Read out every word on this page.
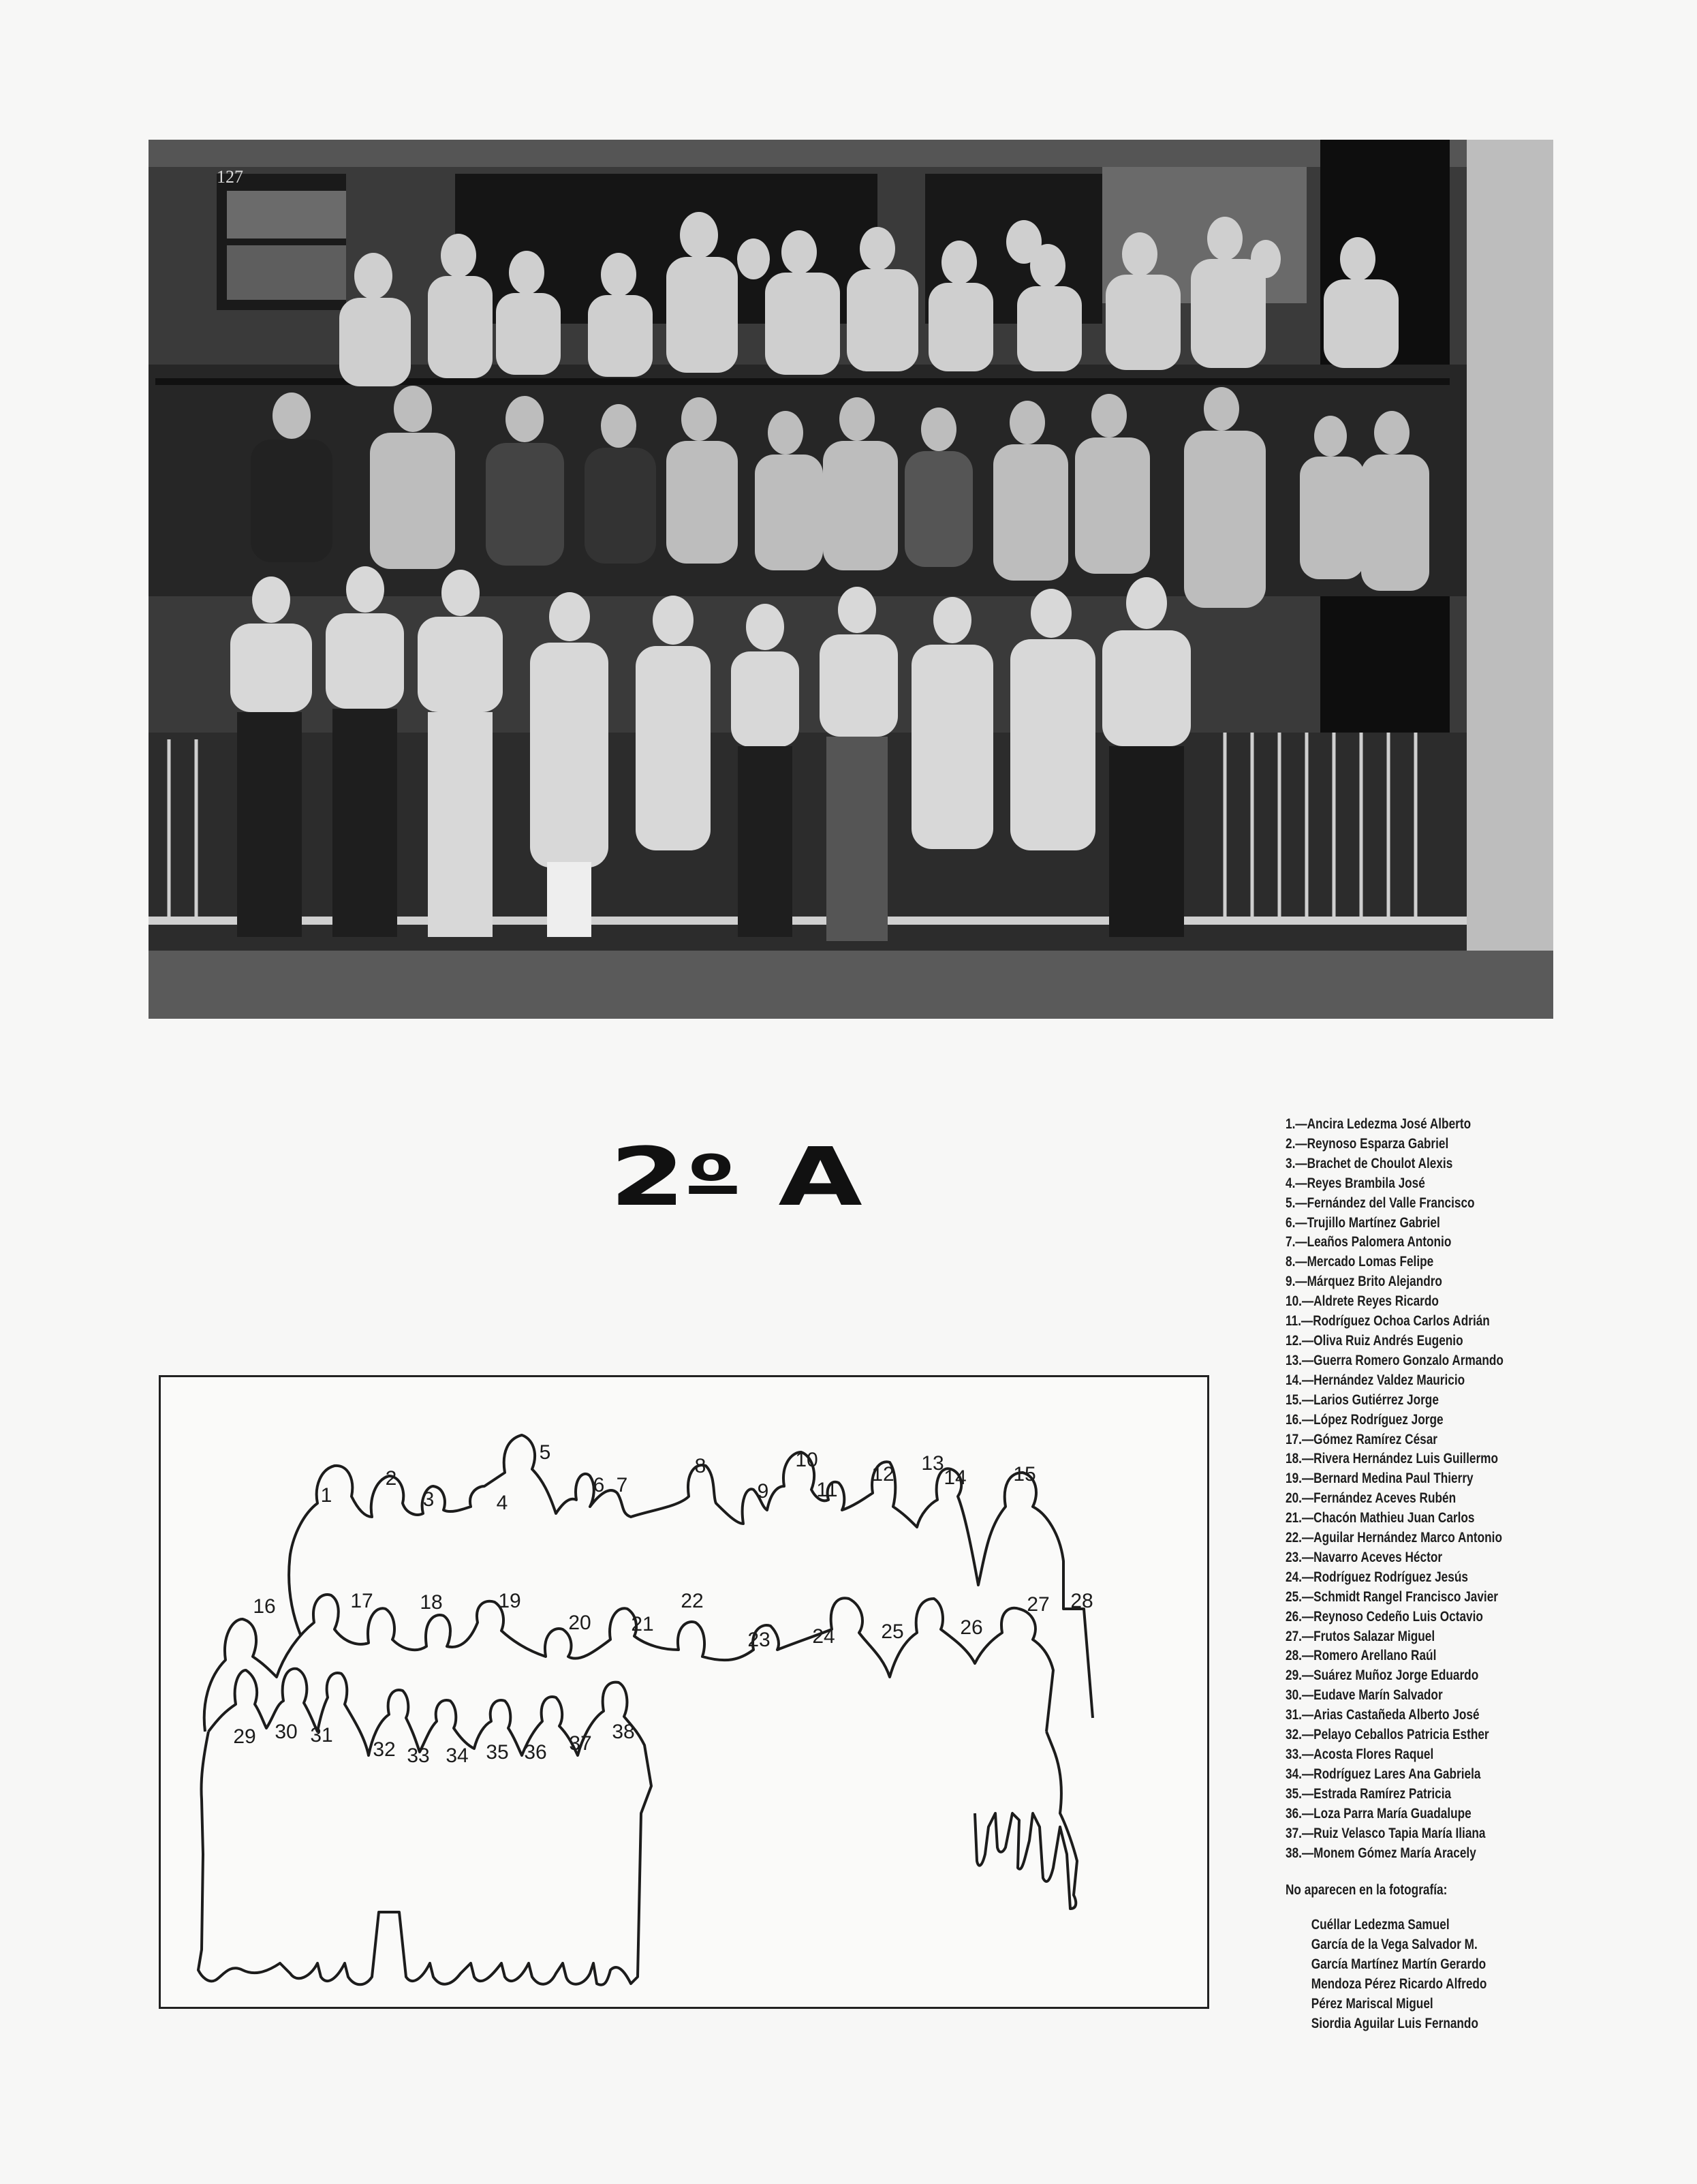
127
2$^o$ A
1
2
3	4
5
6 7
8
9
10
11
12 13
14 15
16	17 18	19
20 21
22
23 24 25	26
27 28
29 30 31
32 33 34 35 36 37
38
1.—Ancira Ledezma José Alberto
2.—Reynoso Esparza Gabriel
3.—Brachet de Choulot Alexis
4.—Reyes Brambila José
5.—Fernández del Valle Francisco
6.—Trujillo Martínez Gabriel
7.—Leaños Palomera Antonio
8.—Mercado Lomas Felipe
9.—Márquez Brito Alejandro
10.—Aldrete Reyes Ricardo
11.—Rodríguez Ochoa Carlos Adrián
12.—Oliva Ruiz Andrés Eugenio
13.—Guerra Romero Gonzalo Armando
14.—Hernández Valdez Mauricio
15.—Larios Gutiérrez Jorge
16.—López Rodríguez Jorge
17.—Gómez Ramírez César
18.—Rivera Hernández Luis Guillermo
19.—Bernard Medina Paul Thierry
20.—Fernández Aceves Rubén
21.—Chacón Mathieu Juan Carlos
22.—Aguilar Hernández Marco Antonio
23.—Navarro Aceves Héctor
24.—Rodríguez Rodríguez Jesús
25.—Schmidt Rangel Francisco Javier
26.—Reynoso Cedeño Luis Octavio
27.—Frutos Salazar Miguel
28.—Romero Arellano Raúl
29.—Suárez Muñoz Jorge Eduardo
30.—Eudave Marín Salvador
31.—Arias Castañeda Alberto José
32.—Pelayo Ceballos Patricia Esther
33.—Acosta Flores Raquel
34.—Rodríguez Lares Ana Gabriela
35.—Estrada Ramírez Patricia
36.—Loza Parra María Guadalupe
37.—Ruiz Velasco Tapia María Iliana
38.—Monem Gómez María Aracely
No aparecen en la fotografía:
Cuéllar Ledezma Samuel
García de la Vega Salvador M.
García Martínez Martín Gerardo
Mendoza Pérez Ricardo Alfredo
Pérez Mariscal Miguel
Siordia Aguilar Luis Fernando
